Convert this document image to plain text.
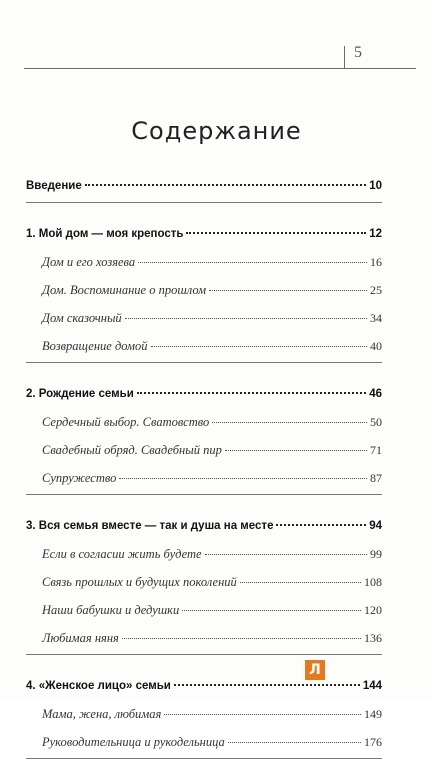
5
Содержание
Введение	10
1. Мой дом — моя крепость	12
Дом и его хозяева	16
Дом. Воспоминание о прошлом	25
Дом сказочный	34
Возвращение домой	40
2. Рождение семьи	46
Сердечный выбор. Сватовство	50
Свадебный обряд. Свадебный пир	71
Супружество	87
3. Вся семья вместе — так и душа на месте	94
Если в согласии жить будете	99
Связь прошлых и будущих поколений	108
Наши бабушки и дедушки	120
Любимая няня	136
4. «Женское лицо» семьи	144
Мама, жена, любимая	149
Руководительница и рукодельница	176
Л
